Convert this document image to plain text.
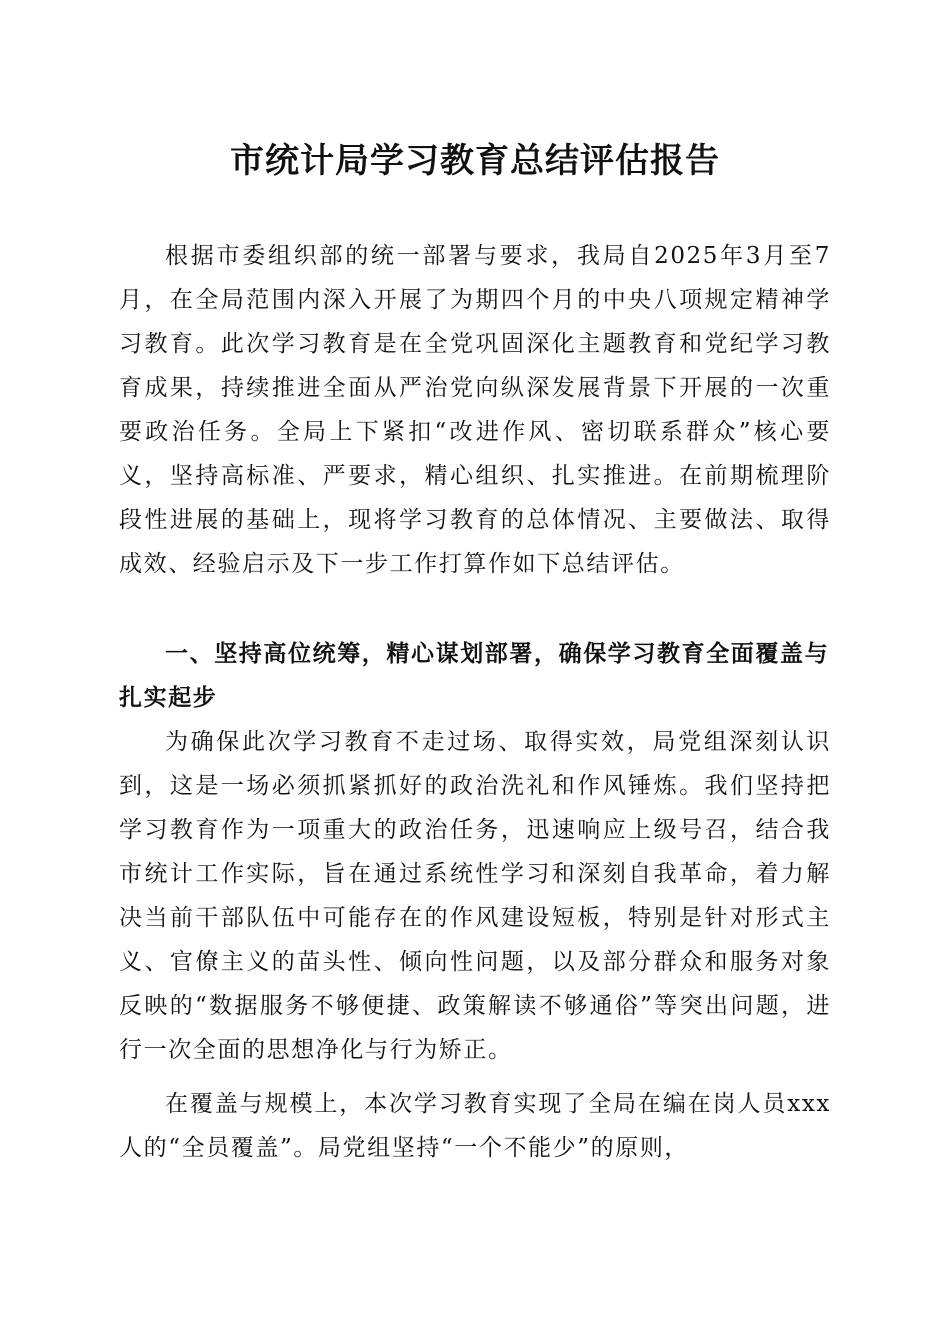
市统计局学习教育总结评估报告

根据市委组织部的统一部署与要求，我局自2025年3月至7月，在全局范围内深入开展了为期四个月的中央八项规定精神学习教育。此次学习教育是在全党巩固深化主题教育和党纪学习教育成果，持续推进全面从严治党向纵深发展背景下开展的一次重要政治任务。全局上下紧扣“改进作风、密切联系群众”核心要义，坚持高标准、严要求，精心组织、扎实推进。在前期梳理阶段性进展的基础上，现将学习教育的总体情况、主要做法、取得成效、经验启示及下一步工作打算作如下总结评估。

一、坚持高位统筹，精心谋划部署，确保学习教育全面覆盖与扎实起步

为确保此次学习教育不走过场、取得实效，局党组深刻认识到，这是一场必须抓紧抓好的政治洗礼和作风锤炼。我们坚持把学习教育作为一项重大的政治任务，迅速响应上级号召，结合我市统计工作实际，旨在通过系统性学习和深刻自我革命，着力解决当前干部队伍中可能存在的作风建设短板，特别是针对形式主义、官僚主义的苗头性、倾向性问题，以及部分群众和服务对象反映的“数据服务不够便捷、政策解读不够通俗”等突出问题，进行一次全面的思想净化与行为矫正。

在覆盖与规模上，本次学习教育实现了全局在编在岗人员xxx人的“全员覆盖”。局党组坚持“一个不能少”的原则，
